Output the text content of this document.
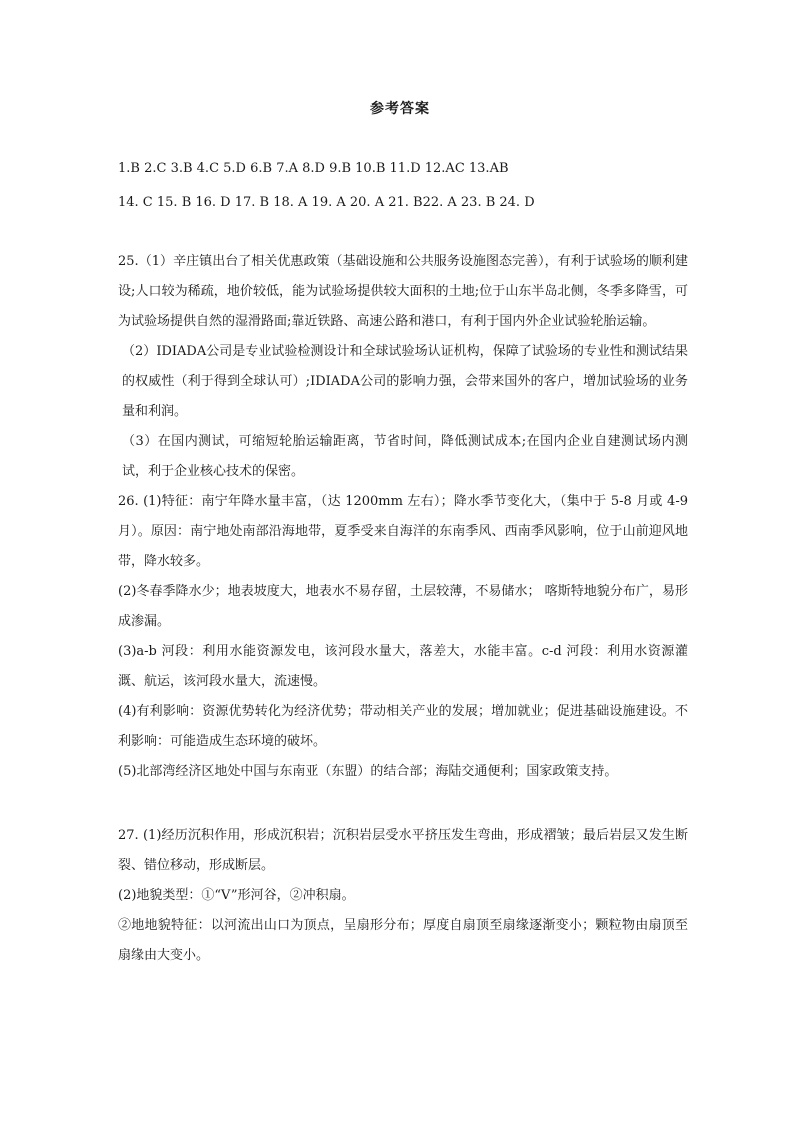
参考答案
1.B 2.C 3.B 4.C 5.D 6.B 7.A 8.D 9.B 10.B 11.D 12.AC 13.AB
14. C 15. B 16. D 17. B 18. A 19. A 20. A 21. B22. A 23. B 24. D

25.（1）辛庄镇出台了相关优惠政策（基础设施和公共服务设施图态完善），有利于试验场的顺利建设;人口较为稀疏，地价较低，能为试验场提供较大面积的土地;位于山东半岛北侧，冬季多降雪，可为试验场提供自然的湿滑路面;靠近铁路、高速公路和港口，有利于国内外企业试验轮胎运输。

（2）IDIADA公司是专业试验检测设计和全球试验场认证机构，保障了试验场的专业性和测试结果的权威性（利于得到全球认可）;IDIADA公司的影响力强，会带来国外的客户，增加试验场的业务量和利润。

（3）在国内测试，可缩短轮胎运输距离，节省时间，降低测试成本;在国内企业自建测试场内测试，利于企业核心技术的保密。

26. (1)特征：南宁年降水量丰富，（达 1200mm 左右）；降水季节变化大，（集中于 5-8 月或 4-9 月）。原因：南宁地处南部沿海地带，夏季受来自海洋的东南季风、西南季风影响，位于山前迎风地带，降水较多。

(2)冬春季降水少；地表坡度大，地表水不易存留，土层较薄，不易储水； 喀斯特地貌分布广，易形成渗漏。

(3)a-b 河段：利用水能资源发电，该河段水量大，落差大，水能丰富。c-d 河段：利用水资源灌溉、航运，该河段水量大，流速慢。

(4)有利影响：资源优势转化为经济优势；带动相关产业的发展；增加就业；促进基础设施建设。不利影响：可能造成生态环境的破坏。

(5)北部湾经济区地处中国与东南亚（东盟）的结合部；海陆交通便利；国家政策支持。

27. (1)经历沉积作用，形成沉积岩；沉积岩层受水平挤压发生弯曲，形成褶皱；最后岩层又发生断裂、错位移动，形成断层。

(2)地貌类型：①“V”形河谷，②冲积扇。

②地地貌特征：以河流出山口为顶点，呈扇形分布；厚度自扇顶至扇缘逐渐变小；颗粒物由扇顶至扇缘由大变小。
